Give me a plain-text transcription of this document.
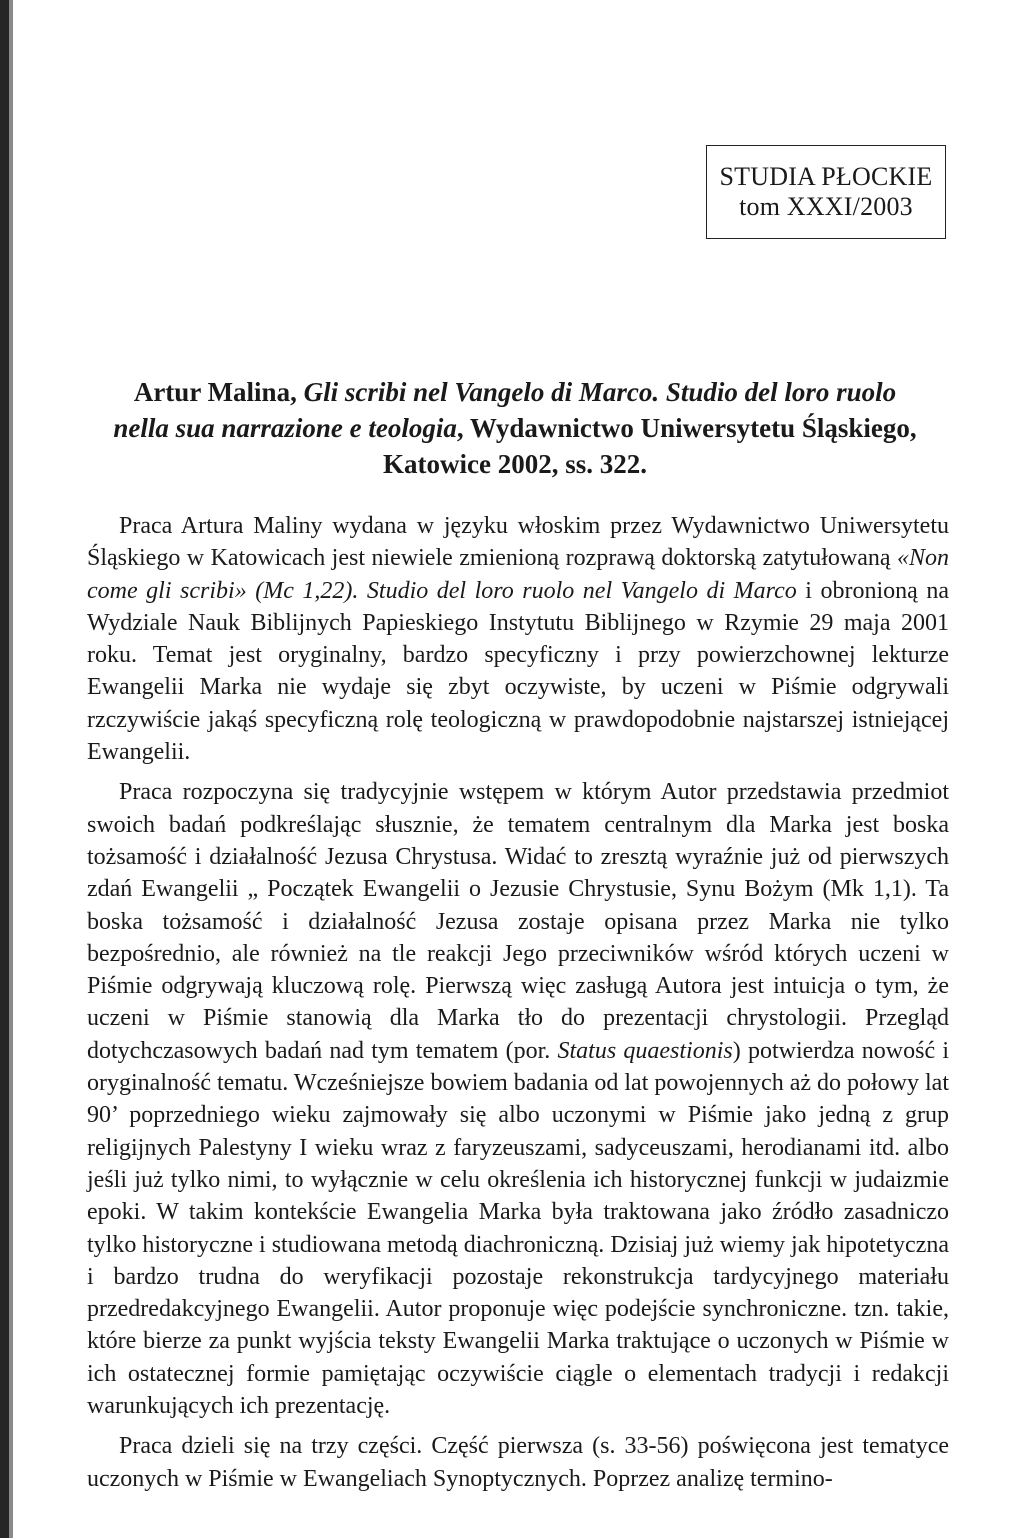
STUDIA PŁOCKIE
tom XXXI/2003
Artur Malina, Gli scribi nel Vangelo di Marco. Studio del loro ruolo nella sua narrazione e teologia, Wydawnictwo Uniwersytetu Śląskiego, Katowice 2002, ss. 322.

Praca Artura Maliny wydana w języku włoskim przez Wydawnictwo Uniwersytetu Śląskiego w Katowicach jest niewiele zmienioną rozprawą doktorską zatytułowaną «Non come gli scribi» (Mc 1,22). Studio del loro ruolo nel Vangelo di Marco i obronioną na Wydziale Nauk Biblijnych Papieskiego Instytutu Biblijnego w Rzymie 29 maja 2001 roku. Temat jest oryginalny, bardzo specyficzny i przy powierzchownej lekturze Ewangelii Marka nie wydaje się zbyt oczywiste, by uczeni w Piśmie odgrywali rzczywiście jakąś specyficzną rolę teologiczną w prawdopodobnie najstarszej istniejącej Ewangelii.

Praca rozpoczyna się tradycyjnie wstępem w którym Autor przedstawia przedmiot swoich badań podkreślając słusznie, że tematem centralnym dla Marka jest boska tożsamość i działalność Jezusa Chrystusa. Widać to zresztą wyraźnie już od pierwszych zdań Ewangelii „ Początek Ewangelii o Jezusie Chrystusie, Synu Bożym (Mk 1,1). Ta boska tożsamość i działalność Jezusa zostaje opisana przez Marka nie tylko bezpośrednio, ale również na tle reakcji Jego przeciwników wśród których uczeni w Piśmie odgrywają kluczową rolę. Pierwszą więc zasługą Autora jest intuicja o tym, że uczeni w Piśmie stanowią dla Marka tło do prezentacji chrystologii. Przegląd dotychczasowych badań nad tym tematem (por. Status quaestionis) potwierdza nowość i oryginalność tematu. Wcześniejsze bowiem badania od lat powojennych aż do połowy lat 90’ poprzedniego wieku zajmowały się albo uczonymi w Piśmie jako jedną z grup religijnych Palestyny I wieku wraz z faryzeuszami, sadyceuszami, herodianami itd. albo jeśli już tylko nimi, to wyłącznie w celu określenia ich historycznej funkcji w judaizmie epoki. W takim kontekście Ewangelia Marka była traktowana jako źródło zasadniczo tylko historyczne i studiowana metodą diachroniczną. Dzisiaj już wiemy jak hipotetyczna i bardzo trudna do weryfikacji pozostaje rekonstrukcja tardycyjnego materiału przedredakcyjnego Ewangelii. Autor proponuje więc podejście synchroniczne. tzn. takie, które bierze za punkt wyjścia teksty Ewangelii Marka traktujące o uczonych w Piśmie w ich ostatecznej formie pamiętając oczywiście ciągle o elementach tradycji i redakcji warunkujących ich prezentację.

Praca dzieli się na trzy części. Część pierwsza (s. 33-56) poświęcona jest tematyce uczonych w Piśmie w Ewangeliach Synoptycznych. Poprzez analizę termino-
